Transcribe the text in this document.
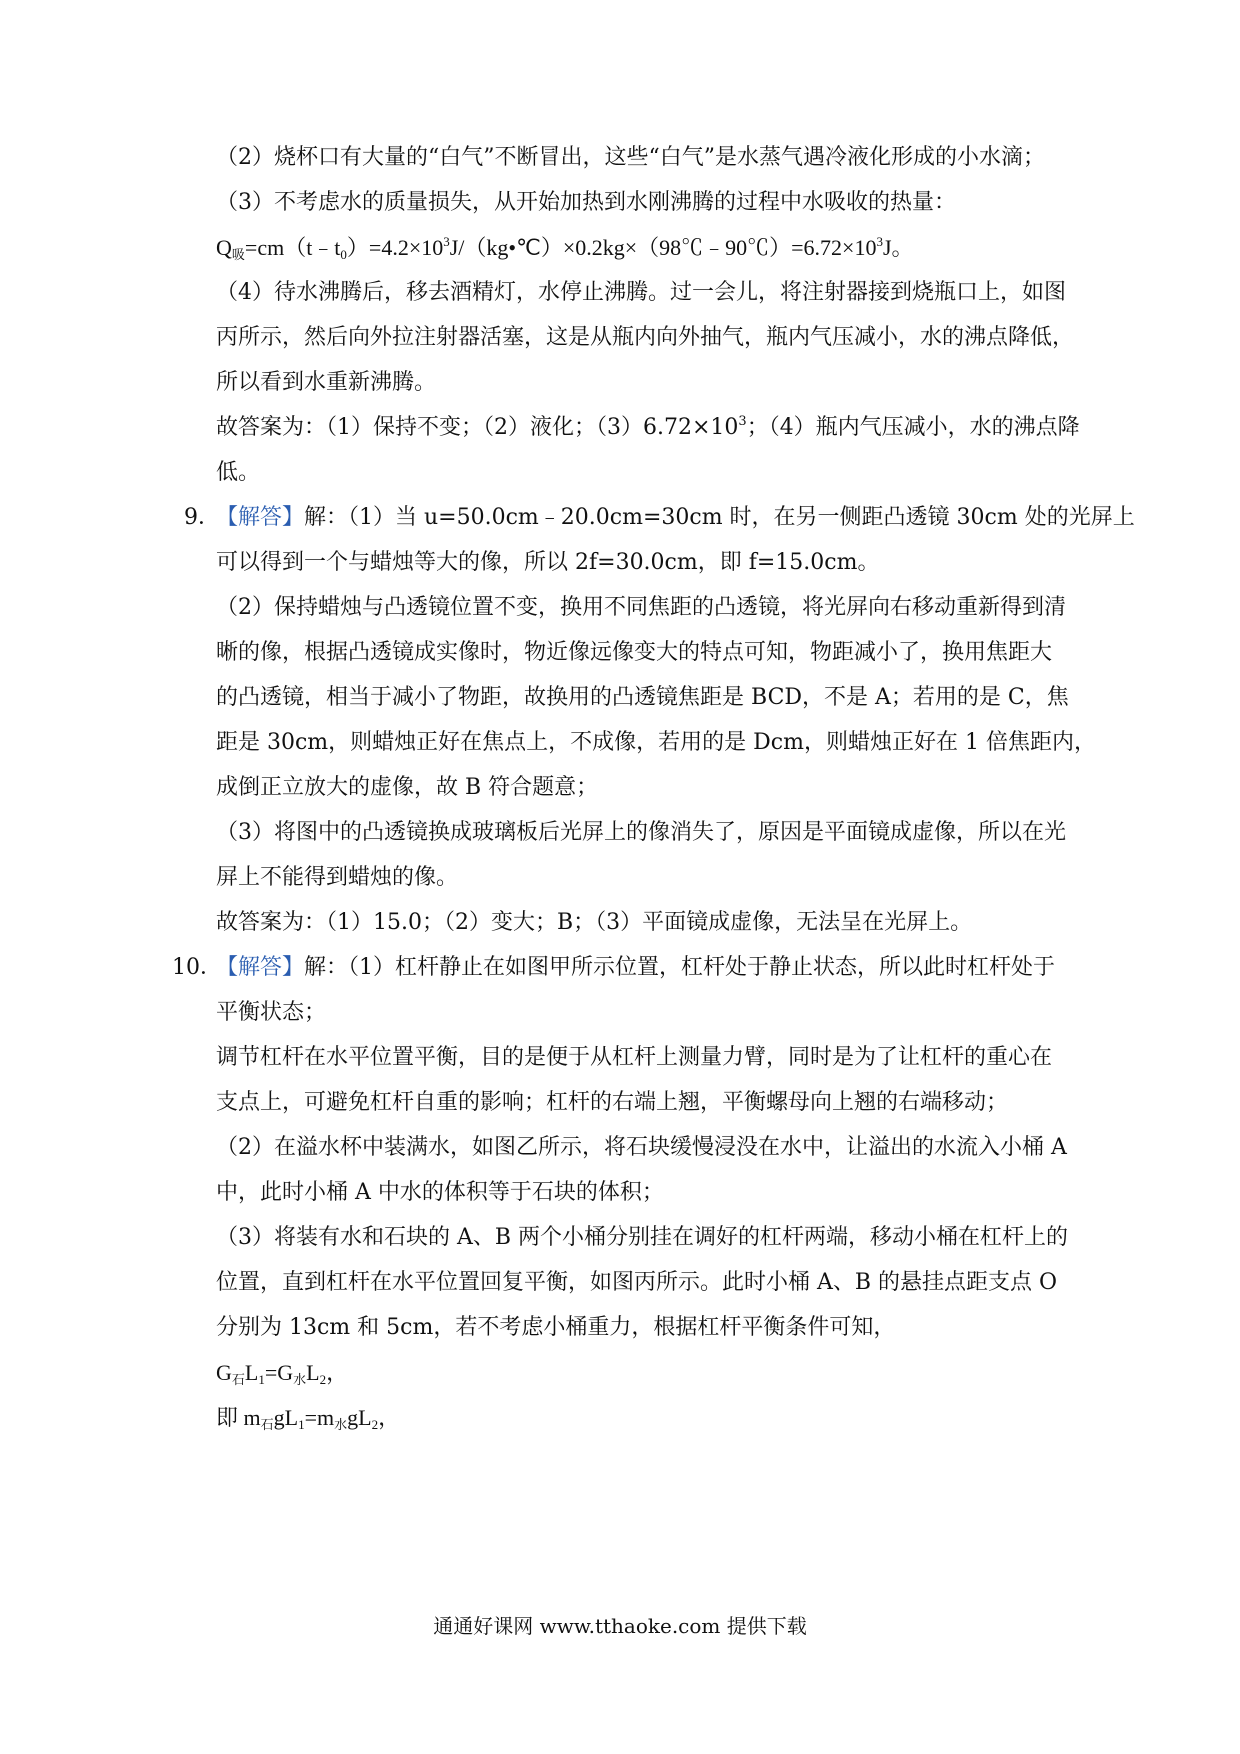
（2）烧杯口有大量的“白气”不断冒出，这些“白气”是水蒸气遇冷液化形成的小水滴；
（3）不考虑水的质量损失，从开始加热到水刚沸腾的过程中水吸收的热量：
$Q_吸=cm(t﹣t_0)=4.2\times 10^3J/(kg•℃)\times 0.2kg\times(98℃﹣90℃)=6.72\times 10^3J$。
（4）待水沸腾后，移去酒精灯，水停止沸腾。过一会儿，将注射器接到烧瓶口上，如图
丙所示，然后向外拉注射器活塞，这是从瓶内向外抽气，瓶内气压减小，水的沸点降低，
所以看到水重新沸腾。
故答案为：（1）保持不变；（2）液化；$(3)6.72\times 10^3$；（4）瓶内气压减小，水的沸点降
低。
9．
【解答】解：（1）当 u=50.0cm﹣20.0cm=30cm 时，在另一侧距凸透镜 30cm 处的光屏上
可以得到一个与蜡烛等大的像，所以 2f=30.0cm，即 f=15.0cm。
（2）保持蜡烛与凸透镜位置不变，换用不同焦距的凸透镜，将光屏向右移动重新得到清
晰的像，根据凸透镜成实像时，物近像远像变大的特点可知，物距减小了，换用焦距大
的凸透镜，相当于减小了物距，故换用的凸透镜焦距是 BCD，不是 A；若用的是 C，焦
距是 30cm，则蜡烛正好在焦点上，不成像，若用的是 Dcm，则蜡烛正好在 1 倍焦距内，
成倒正立放大的虚像，故 B 符合题意；
（3）将图中的凸透镜换成玻璃板后光屏上的像消失了，原因是平面镜成虚像，所以在光
屏上不能得到蜡烛的像。
故答案为：（1）15.0；（2）变大；B；（3）平面镜成虚像，无法呈在光屏上。
10．
【解答】解：（1）杠杆静止在如图甲所示位置，杠杆处于静止状态，所以此时杠杆处于
平衡状态；
调节杠杆在水平位置平衡，目的是便于从杠杆上测量力臂，同时是为了让杠杆的重心在
支点上，可避免杠杆自重的影响；杠杆的右端上翘，平衡螺母向上翘的右端移动；
（2）在溢水杯中装满水，如图乙所示，将石块缓慢浸没在水中，让溢出的水流入小桶 A
中，此时小桶 A 中水的体积等于石块的体积；
（3）将装有水和石块的 A、B 两个小桶分别挂在调好的杠杆两端，移动小桶在杠杆上的
位置，直到杠杆在水平位置回复平衡，如图丙所示。此时小桶 A、B 的悬挂点距支点 O
分别为 13cm 和 5cm，若不考虑小桶重力，根据杠杆平衡条件可知，
$G_石L_1=G_水L_2$，
即 $m_石gL_1=m_水gL_2$，
通通好课网 www.tthaoke.com 提供下载
